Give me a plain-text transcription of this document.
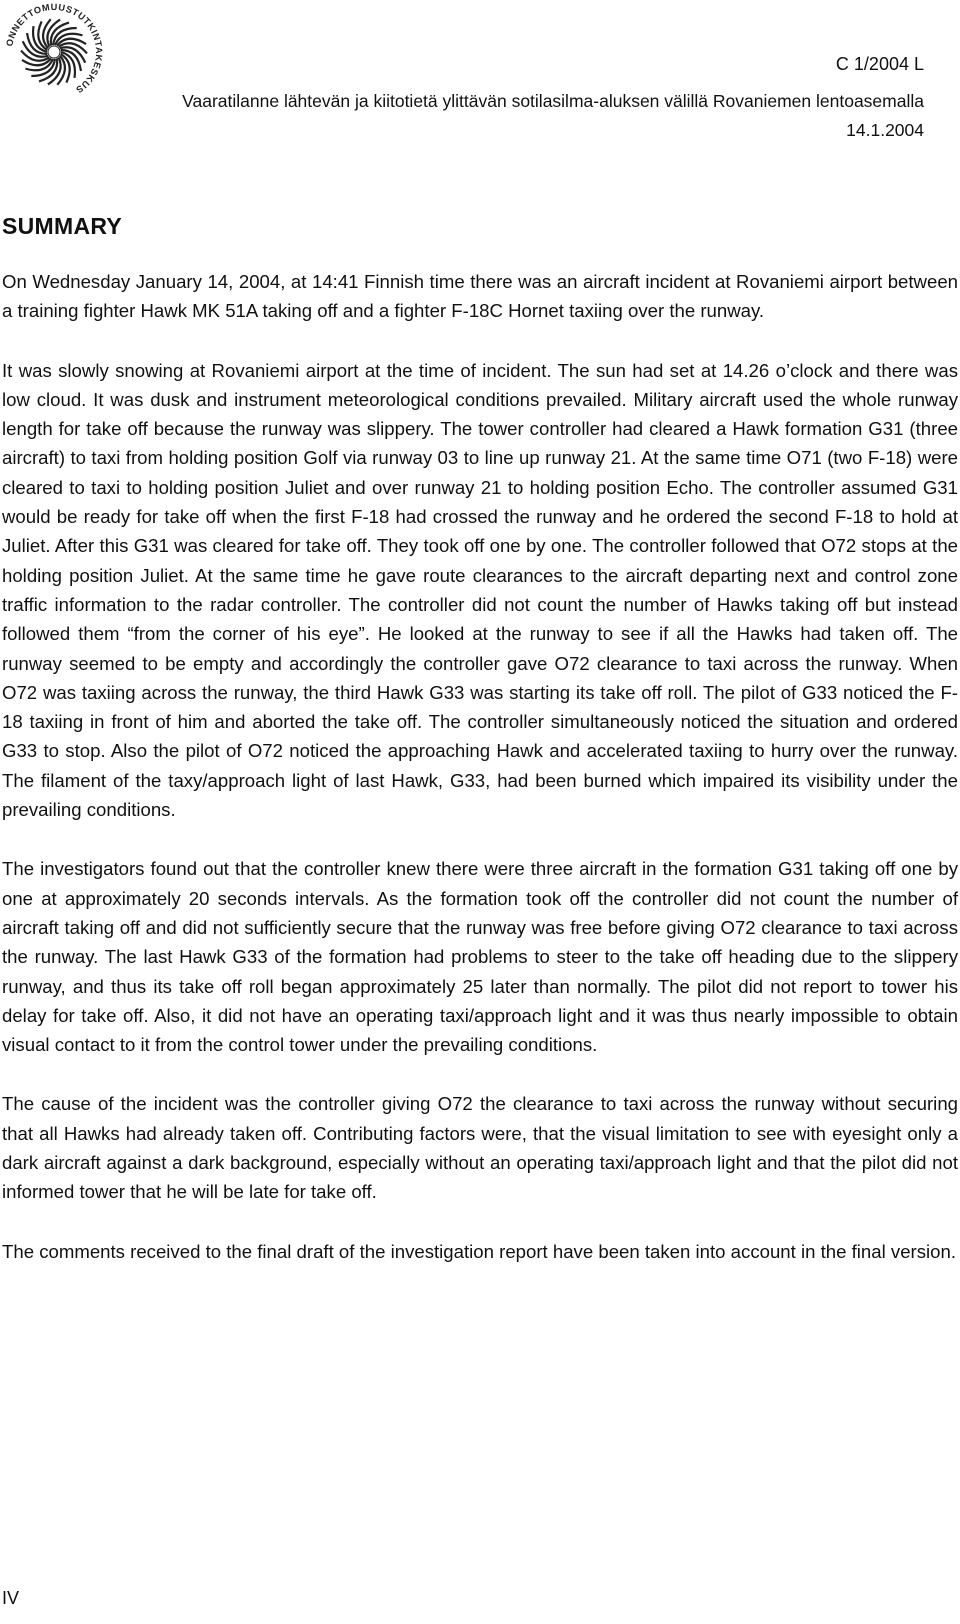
ONNETTOMUUSTUTKINTAKESKUS
C 1/2004 L
Vaaratilanne lähtevän ja kiitotietä ylittävän sotilasilma-aluksen välillä Rovaniemen lentoasemalla
14.1.2004
SUMMARY

On Wednesday January 14, 2004, at 14:41 Finnish time there was an aircraft incident at Rovaniemi airport between a training fighter Hawk MK 51A taking off and a fighter F-18C Hornet taxiing over the runway.

It was slowly snowing at Rovaniemi airport at the time of incident. The sun had set at 14.26 o’clock and there was low cloud. It was dusk and instrument meteorological conditions prevailed. Military aircraft used the whole runway length for take off because the runway was slippery. The tower controller had cleared a Hawk formation G31 (three aircraft) to taxi from holding position Golf via runway 03 to line up runway 21. At the same time O71 (two F-18) were cleared to taxi to holding position Juliet and over runway 21 to holding position Echo. The controller assumed G31 would be ready for take off when the first F-18 had crossed the runway and he ordered the second F-18 to hold at Juliet. After this G31 was cleared for take off. They took off one by one. The controller followed that O72 stops at the holding position Juliet. At the same time he gave route clearances to the aircraft departing next and control zone traffic information to the radar controller. The controller did not count the number of Hawks taking off but instead followed them “from the corner of his eye”. He looked at the runway to see if all the Hawks had taken off. The runway seemed to be empty and accordingly the controller gave O72 clearance to taxi across the runway. When O72 was taxiing across the runway, the third Hawk G33 was starting its take off roll. The pilot of G33 noticed the F-18 taxiing in front of him and aborted the take off. The controller simultaneously noticed the situation and ordered G33 to stop. Also the pilot of O72 noticed the approaching Hawk and accelerated taxiing to hurry over the runway. The filament of the taxy/approach light of last Hawk, G33, had been burned which impaired its visibility under the prevailing conditions.

The investigators found out that the controller knew there were three aircraft in the formation G31 taking off one by one at approximately 20 seconds intervals. As the formation took off the controller did not count the number of aircraft taking off and did not sufficiently secure that the runway was free before giving O72 clearance to taxi across the runway. The last Hawk G33 of the formation had problems to steer to the take off heading due to the slippery runway, and thus its take off roll began approximately 25 later than normally. The pilot did not report to tower his delay for take off. Also, it did not have an operating taxi/approach light and it was thus nearly impossible to obtain visual contact to it from the control tower under the prevailing conditions.

The cause of the incident was the controller giving O72 the clearance to taxi across the runway without securing that all Hawks had already taken off. Contributing factors were, that the visual limitation to see with eyesight only a dark aircraft against a dark background, especially without an operating taxi/approach light and that the pilot did not informed tower that he will be late for take off.

The comments received to the final draft of the investigation report have been taken into account in the final version.

IV
